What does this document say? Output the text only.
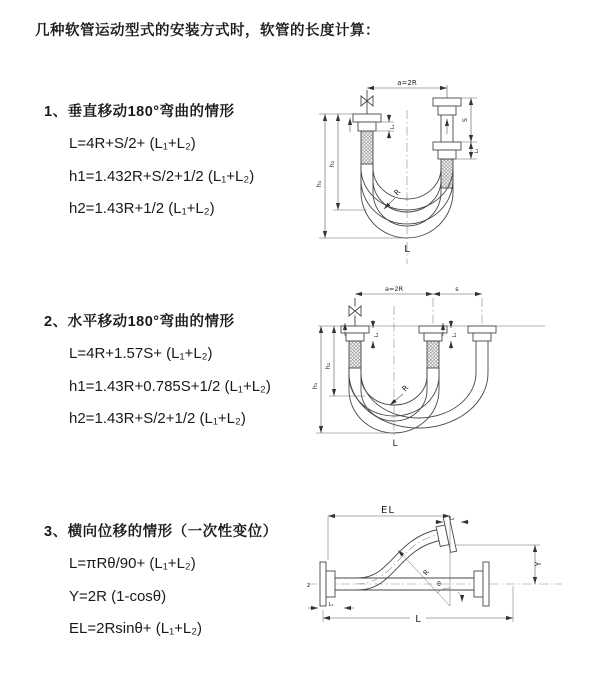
几种软管运动型式的安装方式时，软管的长度计算：
1、垂直移动180°弯曲的情形
L=4R+S/2+ (L₁+L₂)
h1=1.432R+S/2+1/2 (L₁+L₂)
h2=1.43R+1/2 (L₁+L₂)
2、水平移动180°弯曲的情形
L=4R+1.57S+ (L₁+L₂)
h1=1.43R+0.785S+1/2 (L₁+L₂)
h2=1.43R+S/2+1/2 (L₁+L₂)
3、横向位移的情形（一次性变位）
L=πRθ/90+ (L₁+L₂)
Y=2R (1-cosθ)
EL=2Rsinθ+ (L₁+L₂)
a=2R
h₁
h₂
S
L₁
L₁
R
L
a=2R	s
h₁
h₂
L₁	L₁
R
L
z
EL
L₂
Y
R
θ
L₁
L
